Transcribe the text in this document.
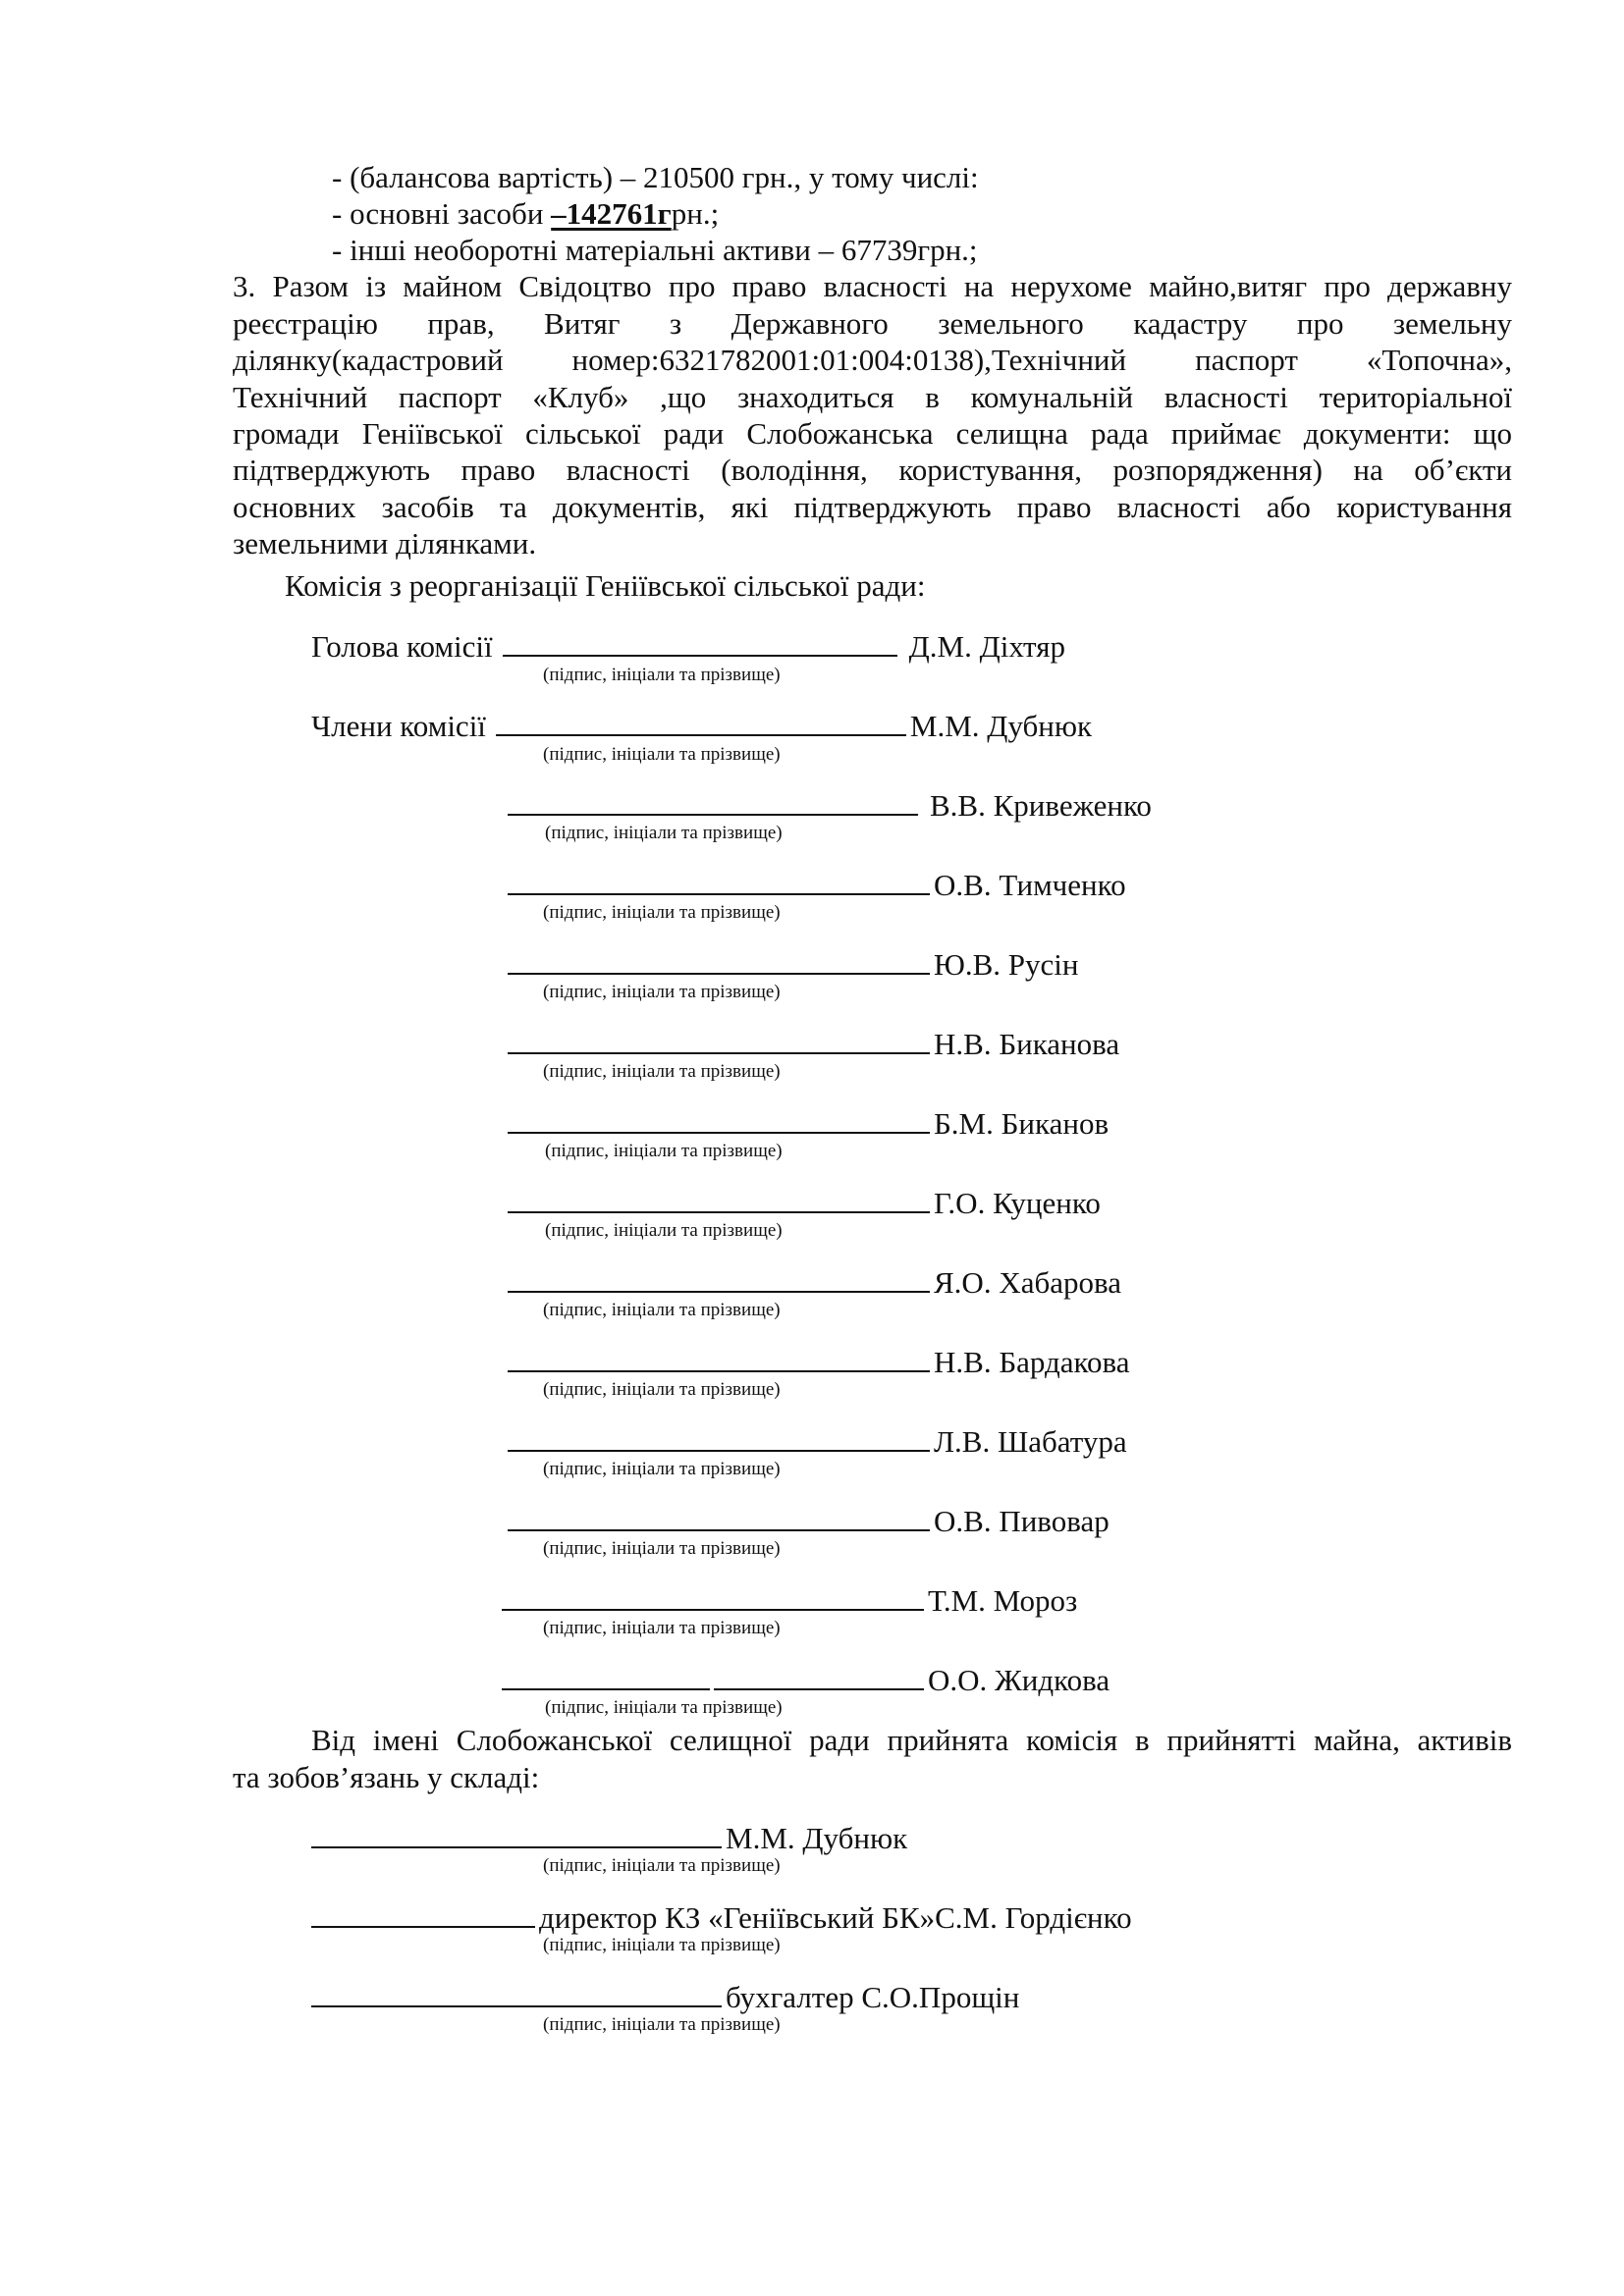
- (балансова вартість) – 210500 грн., у тому числі:
- основні засоби –142761грн.;
- інші необоротні матеріальні активи – 67739грн.;
3. Разом із майном Свідоцтво про право власності на нерухоме майно,витяг про державну
реєстрацію прав, Витяг з Державного земельного кадастру про земельну
ділянку(кадастровий номер:6321782001:01:004:0138),Технічний паспорт «Топочна»,
Технічний паспорт «Клуб» ,що знаходиться в комунальній власності територіальної
громади Геніївської сільської ради Слобожанська селищна рада приймає документи: що
підтверджують право власності (володіння, користування, розпорядження) на об’єкти
основних засобів та документів, які підтверджують право власності або користування
земельними ділянками.
Комісія з реорганізації Геніївської сільської ради:
Голова комісії	Д.М. Діхтяр
(підпис, ініціали та прізвище)
Члени комісії	М.М. Дубнюк
(підпис, ініціали та прізвище)
В.В. Кривеженко
(підпис, ініціали та прізвище)
О.В. Тимченко
(підпис, ініціали та прізвище)
Ю.В. Русін
(підпис, ініціали та прізвище)
Н.В. Биканова
(підпис, ініціали та прізвище)
Б.М. Биканов
(підпис, ініціали та прізвище)
Г.О. Куценко
(підпис, ініціали та прізвище)
Я.О. Хабарова
(підпис, ініціали та прізвище)
Н.В. Бардакова
(підпис, ініціали та прізвище)
Л.В. Шабатура
(підпис, ініціали та прізвище)
О.В. Пивовар
(підпис, ініціали та прізвище)
Т.М. Мороз
(підпис, ініціали та прізвище)
О.О. Жидкова
(підпис, ініціали та прізвище)
Від імені Слобожанської селищної ради прийнята комісія в прийнятті майна, активів
та зобов’язань у складі:
М.М. Дубнюк
(підпис, ініціали та прізвище)
директор КЗ «Геніївський БК»С.М. Гордієнко
(підпис, ініціали та прізвище)
бухгалтер С.О.Прощін
(підпис, ініціали та прізвище)
